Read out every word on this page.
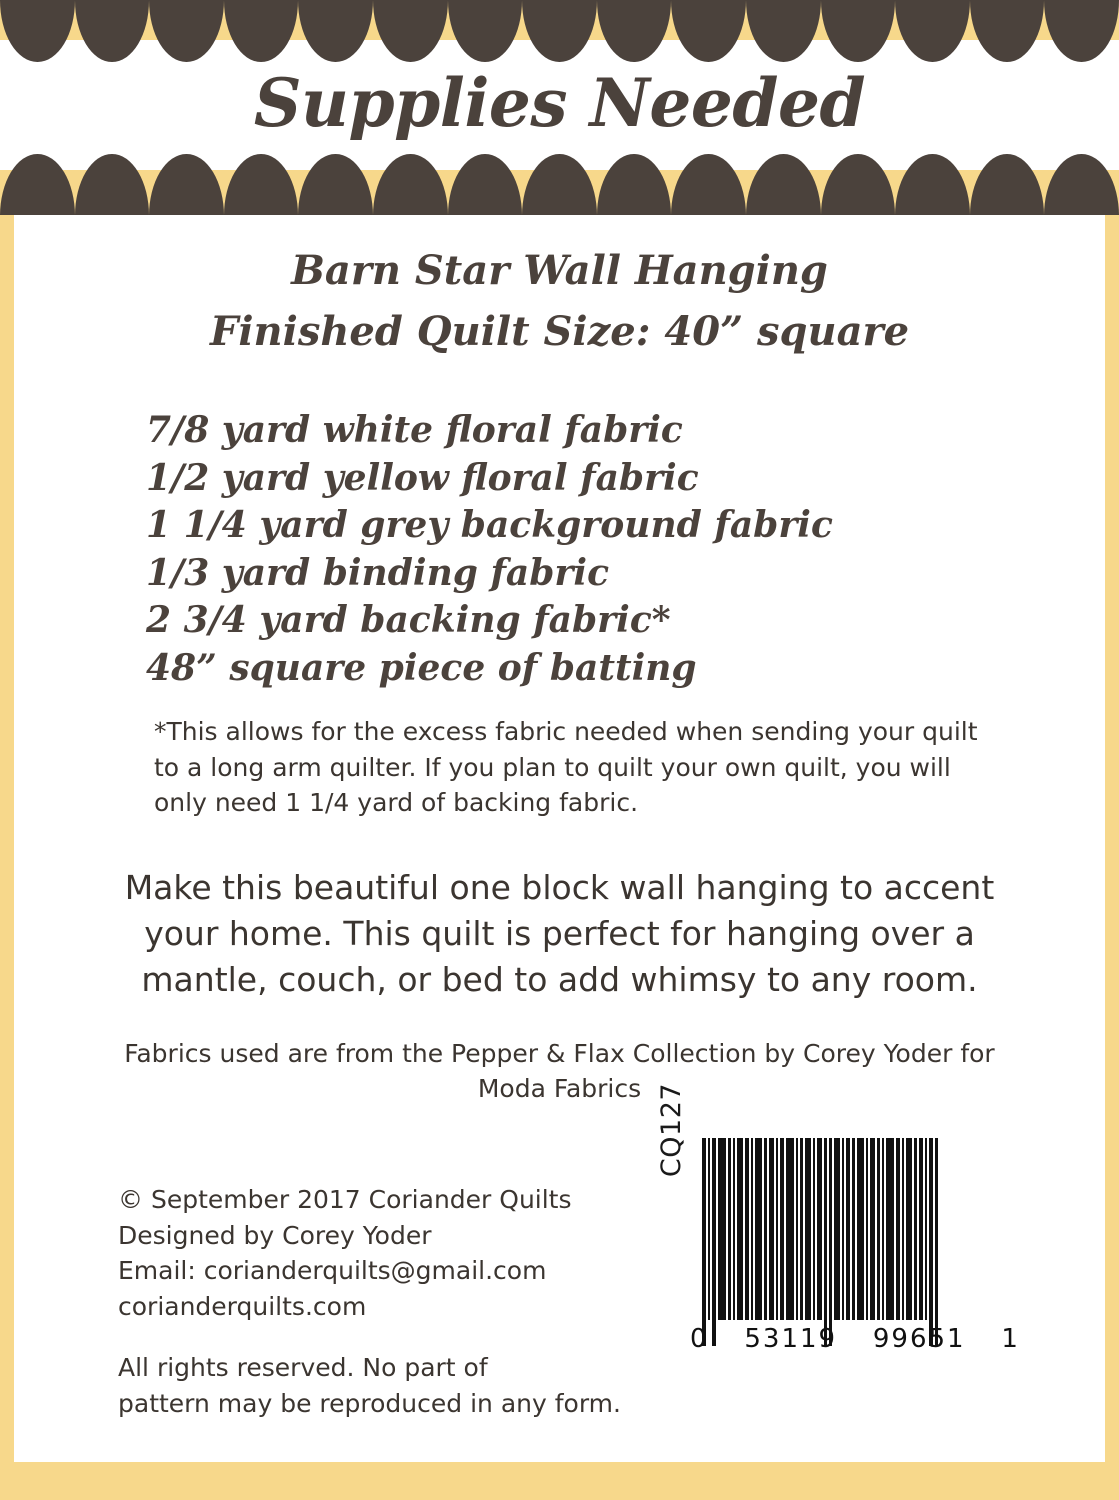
Supplies Needed
Barn Star Wall Hanging
Finished Quilt Size: 40” square
7/8 yard white floral fabric
1/2 yard yellow floral fabric
1 1/4 yard grey background fabric
1/3 yard binding fabric
2 3/4 yard backing fabric*
48” square piece of batting
*This allows for the excess fabric needed when sending your quilt to a long arm quilter. If you plan to quilt your own quilt, you will only need 1 1/4 yard of backing fabric.
Make this beautiful one block wall hanging to accent your home. This quilt is perfect for hanging over a mantle, couch, or bed to add whimsy to any room.
Fabrics used are from the Pepper & Flax Collection by Corey Yoder for Moda Fabrics
© September 2017 Coriander Quilts
Designed by Corey Yoder
Email: corianderquilts@gmail.com
corianderquilts.com
All rights reserved. No part of
pattern may be reproduced in any form.
CQ127
0 53119 99651 1
